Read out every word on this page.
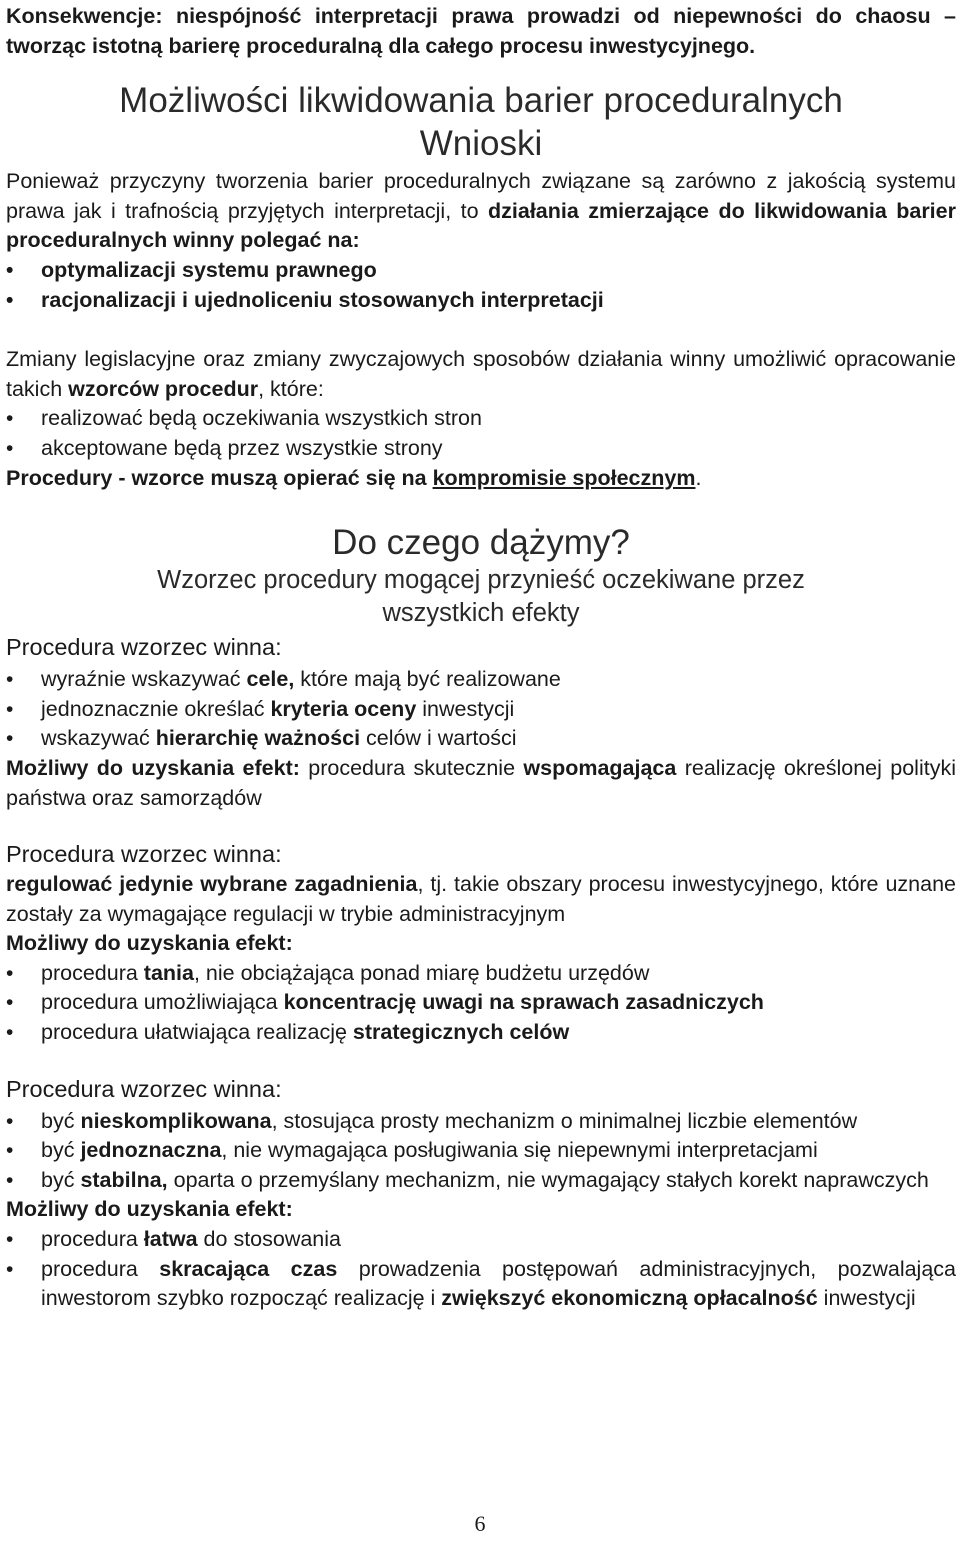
Konsekwencje: niespójność interpretacji prawa prowadzi od niepewności do chaosu – tworząc istotną barierę proceduralną dla całego procesu inwestycyjnego.

Możliwości likwidowania barier proceduralnych

Wnioski

Ponieważ przyczyny tworzenia barier proceduralnych związane są zarówno z jakością systemu prawa jak i trafnością przyjętych interpretacji, to działania zmierzające do likwidowania barier proceduralnych winny polegać na:

• optymalizacji systemu prawnego
• racjonalizacji i ujednoliceniu stosowanych interpretacji

Zmiany legislacyjne oraz zmiany zwyczajowych sposobów działania winny umożliwić opracowanie takich wzorców procedur, które:

• realizować będą oczekiwania wszystkich stron
• akceptowane będą przez wszystkie strony

Procedury - wzorce muszą opierać się na kompromisie społecznym.

Do czego dążymy?

Wzorzec procedury mogącej przynieść oczekiwane przez

wszystkich efekty

Procedura wzorzec winna:

• wyraźnie wskazywać cele, które mają być realizowane
• jednoznacznie określać kryteria oceny inwestycji
• wskazywać hierarchię ważności celów i wartości

Możliwy do uzyskania efekt: procedura skutecznie wspomagająca realizację określonej polityki państwa oraz samorządów

Procedura wzorzec winna:

regulować jedynie wybrane zagadnienia, tj. takie obszary procesu inwestycyjnego, które uznane zostały za wymagające regulacji w trybie administracyjnym

Możliwy do uzyskania efekt:

• procedura tania, nie obciążająca ponad miarę budżetu urzędów
• procedura umożliwiająca koncentrację uwagi na sprawach zasadniczych
• procedura ułatwiająca realizację strategicznych celów

Procedura wzorzec winna:

• być nieskomplikowana, stosująca prosty mechanizm o minimalnej liczbie elementów
• być jednoznaczna, nie wymagająca posługiwania się niepewnymi interpretacjami
• być stabilna, oparta o przemyślany mechanizm, nie wymagający stałych korekt naprawczych

Możliwy do uzyskania efekt:

• procedura łatwa do stosowania
• procedura skracająca czas prowadzenia postępowań administracyjnych, pozwalająca inwestorom szybko rozpocząć realizację i zwiększyć ekonomiczną opłacalność inwestycji
6
